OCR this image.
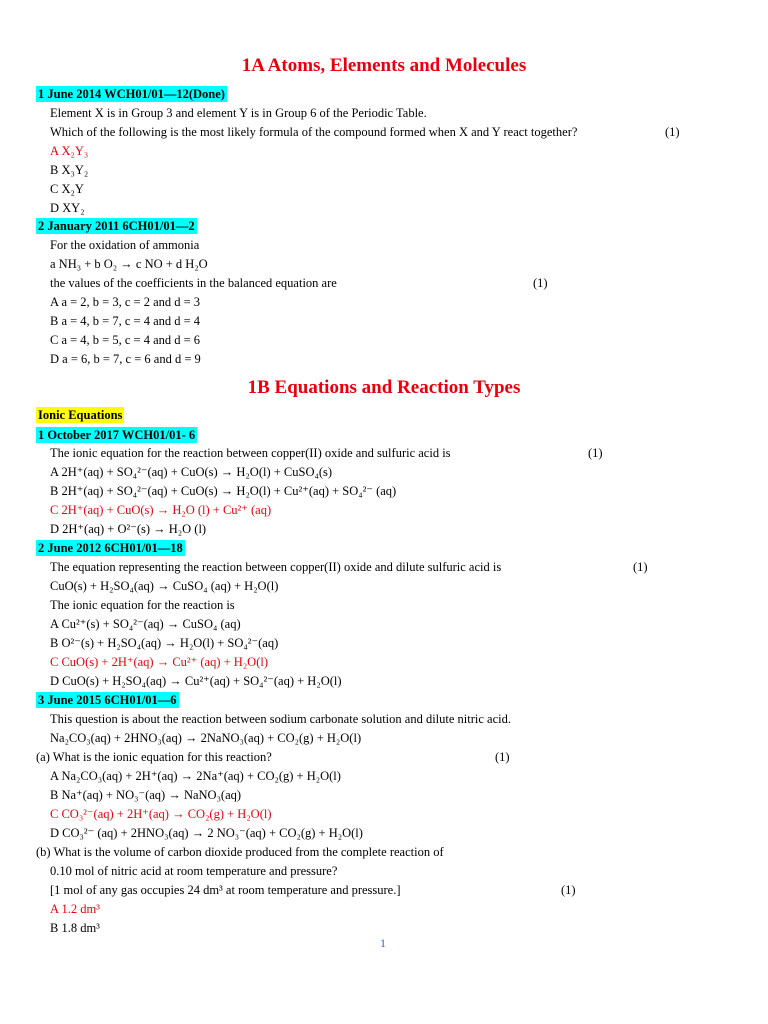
1A Atoms, Elements and Molecules
1 June 2014 WCH01/01—12(Done)
Element X is in Group 3 and element Y is in Group 6 of the Periodic Table.
Which of the following is the most likely formula of the compound formed when X and Y react together?	(1)
A X₂Y₃
B X₃Y₂
C X₂Y
D XY₂
2 January 2011 6CH01/01—2
For the oxidation of ammonia
a NH₃ + b O₂ → c NO + d H₂O
the values of the coefficients in the balanced equation are	(1)
A a = 2, b = 3, c = 2 and d = 3
B a = 4, b = 7, c = 4 and d = 4
C a = 4, b = 5, c = 4 and d = 6
D a = 6, b = 7, c = 6 and d = 9
1B Equations and Reaction Types
Ionic Equations
1 October 2017 WCH01/01- 6
The ionic equation for the reaction between copper(II) oxide and sulfuric acid is	(1)
A 2H⁺(aq) + SO₄²⁻(aq) + CuO(s) → H₂O(l) + CuSO₄(s)
B 2H⁺(aq) + SO₄²⁻(aq) + CuO(s) → H₂O(l) + Cu²⁺(aq) + SO₄²⁻ (aq)
C 2H⁺(aq) + CuO(s) → H₂O (l) + Cu²⁺ (aq)
D 2H⁺(aq) + O²⁻(s) → H₂O (l)
2 June 2012 6CH01/01—18
The equation representing the reaction between copper(II) oxide and dilute sulfuric acid is	(1)
CuO(s) + H₂SO₄(aq) → CuSO₄ (aq) + H₂O(l)
The ionic equation for the reaction is
A Cu²⁺(s) + SO₄²⁻(aq) → CuSO₄ (aq)
B O²⁻(s) + H₂SO₄(aq) → H₂O(l) + SO₄²⁻(aq)
C CuO(s) + 2H⁺(aq) → Cu²⁺ (aq) + H₂O(l)
D CuO(s) + H₂SO₄(aq) → Cu²⁺(aq) + SO₄²⁻(aq) + H₂O(l)
3 June 2015 6CH01/01—6
This question is about the reaction between sodium carbonate solution and dilute nitric acid.
Na₂CO₃(aq) + 2HNO₃(aq) → 2NaNO₃(aq) + CO₂(g) + H₂O(l)
(a) What is the ionic equation for this reaction?	(1)
A Na₂CO₃(aq) + 2H⁺(aq) → 2Na⁺(aq) + CO₂(g) + H₂O(l)
B Na⁺(aq) + NO₃⁻(aq) → NaNO₃(aq)
C CO₃²⁻(aq) + 2H⁺(aq) → CO₂(g) + H₂O(l)
D CO₃²⁻ (aq) + 2HNO₃(aq) → 2 NO₃⁻(aq) + CO₂(g) + H₂O(l)
(b) What is the volume of carbon dioxide produced from the complete reaction of
0.10 mol of nitric acid at room temperature and pressure?
[1 mol of any gas occupies 24 dm³ at room temperature and pressure.]	(1)
A 1.2 dm³
B 1.8 dm³
1
